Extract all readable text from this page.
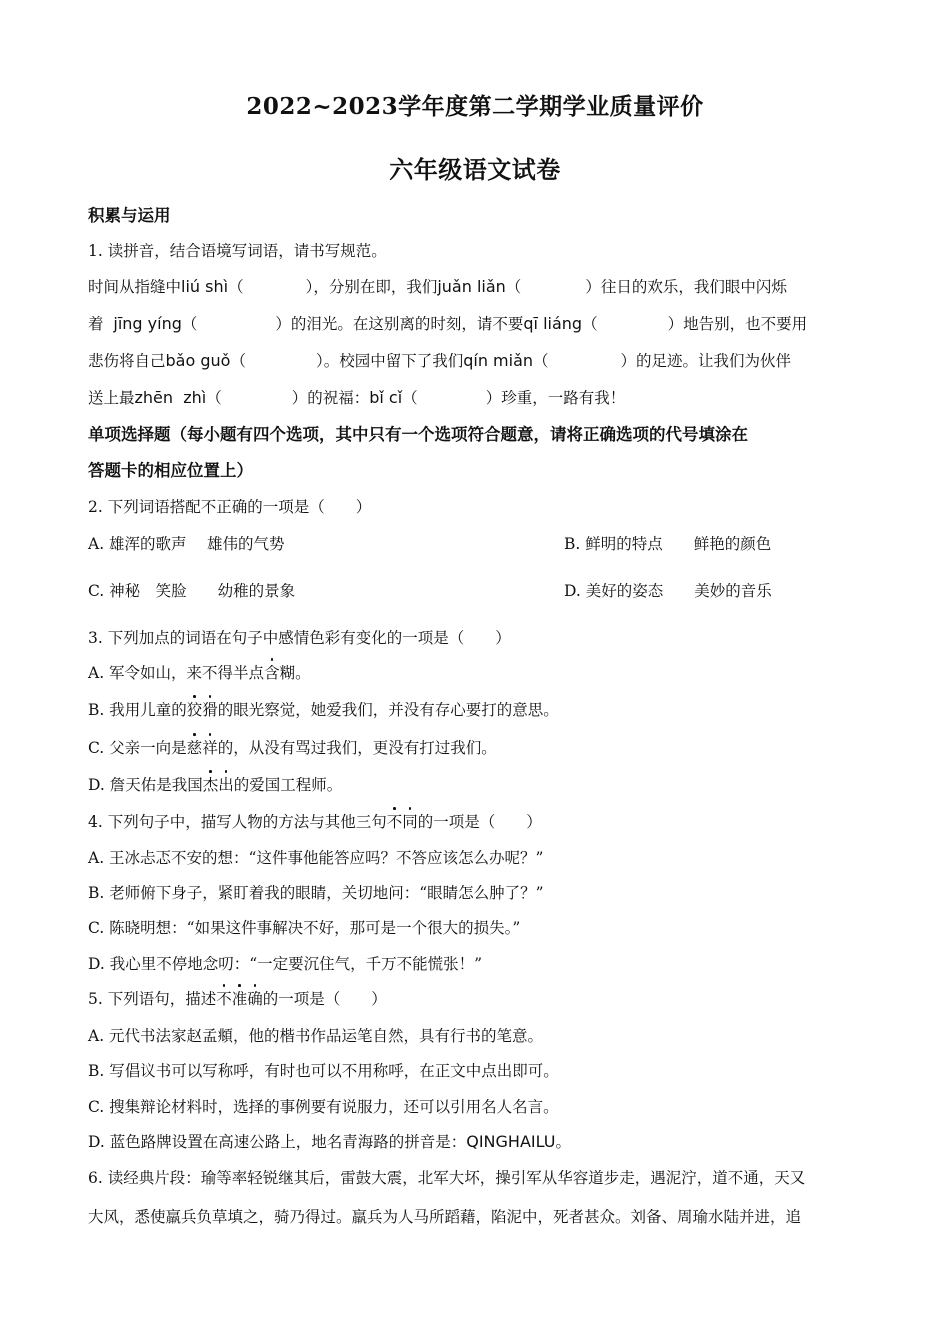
2022~2023学年度第二学期学业质量评价
六年级语文试卷
积累与运用
1. 读拼音，结合语境写词语，请书写规范。
时间从指缝中liú shì（	），分别在即，我们juǎn liǎn（	）往日的欢乐，我们眼中闪烁
着 jīng yíng（	）的泪光。在这别离的时刻，请不要qī liáng（	）地告别，也不要用
悲伤将自己bǎo guǒ（	）。校园中留下了我们qín miǎn（	）的足迹。让我们为伙伴
送上最zhēn  zhì（	）的祝福：bǐ cǐ（	）珍重，一路有我！
单项选择题（每小题有四个选项，其中只有一个选项符合题意，请将正确选项的代号填涂在
答题卡的相应位置上）
2. 下列词语搭配不正确的一项是（　　）
A. 雄浑的歌声　 雄伟的气势	B. 鲜明的特点　　鲜艳的颜色
C. 神秘　笑脸　　幼稚的景象	D. 美好的姿态　　美妙的音乐
3. 下列加点的词语在句子中感情色彩有变化的一项是（　　）
A. 军令如山，来不得半点含糊。
B. 我用儿童的狡猾的眼光察觉，她爱我们，并没有存心要打的意思。
C. 父亲一向是慈祥的，从没有骂过我们，更没有打过我们。
D. 詹天佑是我国杰出的爱国工程师。
4. 下列句子中，描写人物的方法与其他三句不同的一项是（　　）
A. 王冰忐忑不安的想：“这件事他能答应吗？不答应该怎么办呢？”
B. 老师俯下身子，紧盯着我的眼睛，关切地问：“眼睛怎么肿了？”
C. 陈晓明想：“如果这件事解决不好，那可是一个很大的损失。”
D. 我心里不停地念叨：“一定要沉住气，千万不能慌张！”
5. 下列语句，描述不准确的一项是（　　）
A. 元代书法家赵孟頫，他的楷书作品运笔自然，具有行书的笔意。
B. 写倡议书可以写称呼，有时也可以不用称呼，在正文中点出即可。
C. 搜集辩论材料时，选择的事例要有说服力，还可以引用名人名言。
D. 蓝色路牌设置在高速公路上，地名青海路的拼音是：QINGHAILU。
6. 读经典片段：瑜等率轻锐继其后，雷鼓大震，北军大坏，操引军从华容道步走，遇泥泞，道不通，天又
大风，悉使羸兵负草填之，骑乃得过。羸兵为人马所蹈藉，陷泥中，死者甚众。刘备、周瑜水陆并进，追
